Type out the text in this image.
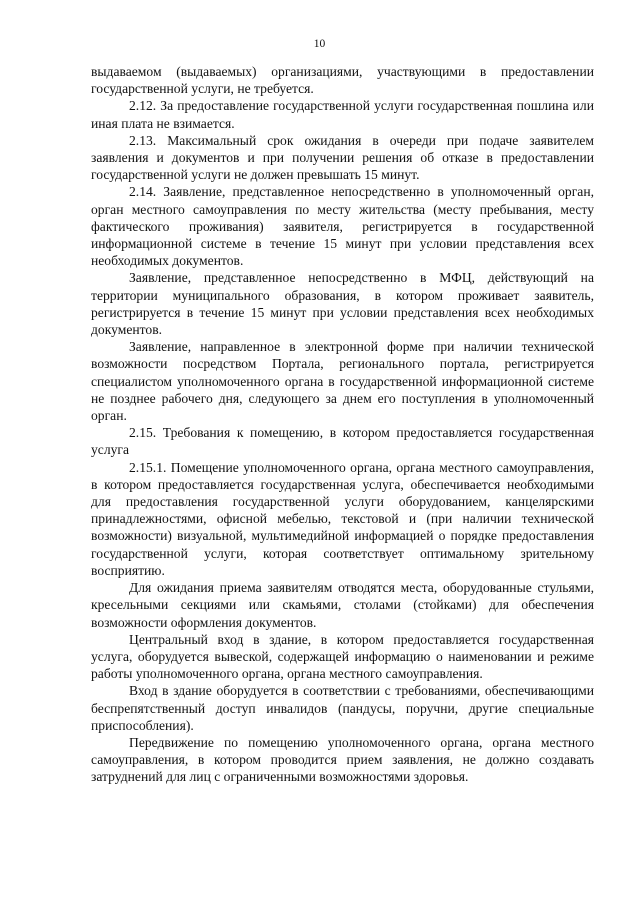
10

выдаваемом (выдаваемых) организациями, участвующими в предоставлении государственной услуги, не требуется.

2.12. За предоставление государственной услуги государственная пошлина или иная плата не взимается.

2.13. Максимальный срок ожидания в очереди при подаче заявителем заявления и документов и при получении решения об отказе в предоставлении государственной услуги не должен превышать 15 минут.

2.14. Заявление, представленное непосредственно в уполномоченный орган, орган местного самоуправления по месту жительства (месту пребывания, месту фактического проживания) заявителя, регистрируется в государственной информационной системе в течение 15 минут при условии представления всех необходимых документов.

Заявление, представленное непосредственно в МФЦ, действующий на территории муниципального образования, в котором проживает заявитель, регистрируется в течение 15 минут при условии представления всех необходимых документов.

Заявление, направленное в электронной форме при наличии технической возможности посредством Портала, регионального портала, регистрируется специалистом уполномоченного органа в государственной информационной системе не позднее рабочего дня, следующего за днем его поступления в уполномоченный орган.

2.15. Требования к помещению, в котором предоставляется государственная услуга

2.15.1. Помещение уполномоченного органа, органа местного самоуправления, в котором предоставляется государственная услуга, обеспечивается необходимыми для предоставления государственной услуги оборудованием, канцелярскими принадлежностями, офисной мебелью, текстовой и (при наличии технической возможности) визуальной, мультимедийной информацией о порядке предоставления государственной услуги, которая соответствует оптимальному зрительному восприятию.

Для ожидания приема заявителям отводятся места, оборудованные стульями, кресельными секциями или скамьями, столами (стойками) для обеспечения возможности оформления документов.

Центральный вход в здание, в котором предоставляется государственная услуга, оборудуется вывеской, содержащей информацию о наименовании и режиме работы уполномоченного органа, органа местного самоуправления.

Вход в здание оборудуется в соответствии с требованиями, обеспечивающими беспрепятственный доступ инвалидов (пандусы, поручни, другие специальные приспособления).

Передвижение по помещению уполномоченного органа, органа местного самоуправления, в котором проводится прием заявления, не должно создавать затруднений для лиц с ограниченными возможностями здоровья.
